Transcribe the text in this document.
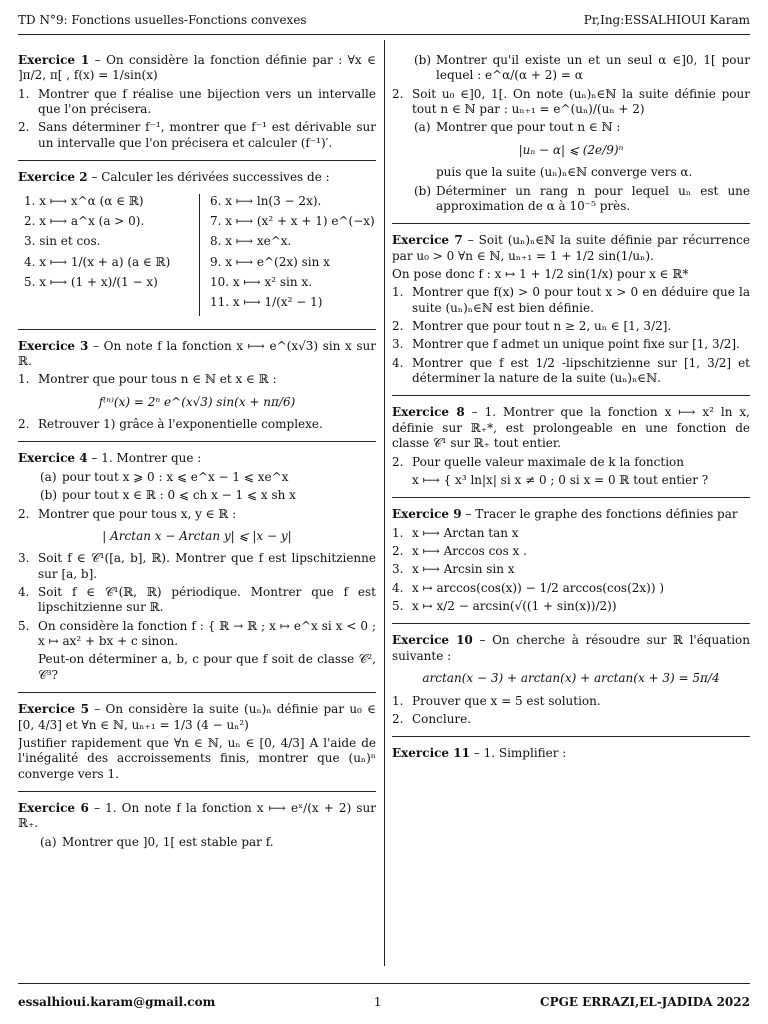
TD N°9: Fonctions usuelles-Fonctions convexes	Pr,Ing:ESSALHIOUI Karam
Exercice 1 – On considère la fonction définie par : ∀x ∈ ]π/2, π[ , f(x) = 1/sin(x)
1. Montrer que f réalise une bijection vers un intervalle que l'on précisera.
2. Sans déterminer f⁻¹, montrer que f⁻¹ est dérivable sur un intervalle que l'on précisera et calculer (f⁻¹)′.
Exercice 2 – Calculer les dérivées successives de :
1. x ⟼ x^α (α ∈ ℝ)
2. x ⟼ a^x (a > 0).
3. sin et cos.
4. x ⟼ 1/(x + a) (a ∈ ℝ)
5. x ⟼ (1 + x)/(1 − x)
6. x ⟼ ln(3 − 2x).
7. x ⟼ (x² + x + 1) e^(−x)
8. x ⟼ xe^x.
9. x ⟼ e^(2x) sin x
10. x ⟼ x² sin x.
11. x ⟼ 1/(x² − 1)
Exercice 3 – On note f la fonction x ⟼ e^(x√3) sin x sur ℝ.
1. Montrer que pour tous n ∈ ℕ et x ∈ ℝ :
f⁽ⁿ⁾(x) = 2ⁿ e^(x√3) sin(x + nπ/6)
2. Retrouver 1) grâce à l'exponentielle complexe.
Exercice 4 – 1. Montrer que :
(a) pour tout x ⩾ 0 : x ⩽ e^x − 1 ⩽ xe^x
(b) pour tout x ∈ ℝ : 0 ⩽ ch x − 1 ⩽ x sh x
2. Montrer que pour tous x, y ∈ ℝ :
| Arctan x − Arctan y| ⩽ |x − y|
3. Soit f ∈ 𝒞¹([a, b], ℝ). Montrer que f est lipschitzienne sur [a, b].
4. Soit f ∈ 𝒞¹(ℝ, ℝ) périodique. Montrer que f est lipschitzienne sur ℝ.
5. On considère la fonction f : { ℝ → ℝ ; x ↦ e^x si x < 0 ; x ↦ ax² + bx + c sinon.
Peut-on déterminer a, b, c pour que f soit de classe 𝒞², 𝒞³?
Exercice 5 – On considère la suite (uₙ)ₙ définie par u₀ ∈ [0, 4/3] et ∀n ∈ ℕ, uₙ₊₁ = 1/3 (4 − uₙ²)
Justifier rapidement que ∀n ∈ ℕ, uₙ ∈ [0, 4/3] A l'aide de l'inégalité des accroissements finis, montrer que (uₙ)ⁿ converge vers 1.
Exercice 6 – 1. On note f la fonction x ⟼ eˣ/(x + 2) sur ℝ₊.
(a) Montrer que ]0, 1[ est stable par f.
(b) Montrer qu'il existe un et un seul α ∈]0, 1[ pour lequel : e^α/(α + 2) = α
2. Soit u₀ ∈]0, 1[. On note (uₙ)ₙ∈ℕ la suite définie pour tout n ∈ ℕ par : uₙ₊₁ = e^(uₙ)/(uₙ + 2)
(a) Montrer que pour tout n ∈ ℕ :
|uₙ − α| ⩽ (2e/9)ⁿ
puis que la suite (uₙ)ₙ∈ℕ converge vers α.
(b) Déterminer un rang n pour lequel uₙ est une approximation de α à 10⁻⁵ près.
Exercice 7 – Soit (uₙ)ₙ∈ℕ la suite définie par récurrence par u₀ > 0 ∀n ∈ ℕ, uₙ₊₁ = 1 + 1/2 sin(1/uₙ).
On pose donc f : x ↦ 1 + 1/2 sin(1/x) pour x ∈ ℝ*
1. Montrer que f(x) > 0 pour tout x > 0 en déduire que la suite (uₙ)ₙ∈ℕ est bien définie.
2. Montrer que pour tout n ≥ 2, uₙ ∈ [1, 3/2].
3. Montrer que f admet un unique point fixe sur [1, 3/2].
4. Montrer que f est 1/2 -lipschitzienne sur [1, 3/2] et déterminer la nature de la suite (uₙ)ₙ∈ℕ.
Exercice 8 – 1. Montrer que la fonction x ⟼ x² ln x, définie sur ℝ₊*, est prolongeable en une fonction de classe 𝒞¹ sur ℝ₊ tout entier.
2. Pour quelle valeur maximale de k la fonction
x ⟼ { x³ ln|x| si x ≠ 0 ; 0 si x = 0 ℝ tout entier ?
Exercice 9 – Tracer le graphe des fonctions définies par
1. x ⟼ Arctan tan x
2. x ⟼ Arccos cos x .
3. x ⟼ Arcsin sin x
4. x ↦ arccos(cos(x)) − 1/2 arccos(cos(2x)) )
5. x ↦ x/2 − arcsin(√((1 + sin(x))/2))
Exercice 10 – On cherche à résoudre sur ℝ l'équation suivante :
arctan(x − 3) + arctan(x) + arctan(x + 3) = 5π/4
1. Prouver que x = 5 est solution.
2. Conclure.
Exercice 11 – 1. Simplifier :
essalhioui.karam@gmail.com	1	CPGE ERRAZI,EL-JADIDA 2022
